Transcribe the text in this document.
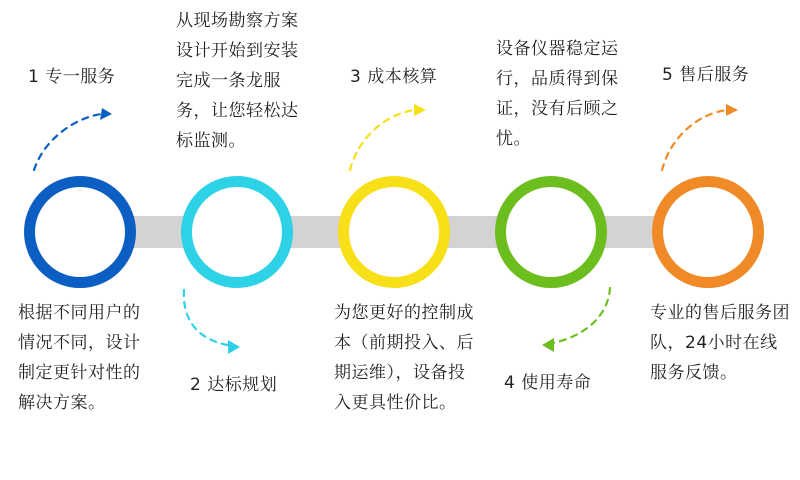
1 专一服务
根据不同用户的情况不同，设计制定更针对性的解决方案。
2 达标规划
从现场勘察方案设计开始到安装完成一条龙服务，让您轻松达标监测。
3 成本核算
为您更好的控制成本（前期投入、后期运维），设备投入更具性价比。
4 使用寿命
设备仪器稳定运行，品质得到保证，没有后顾之忧。
5 售后服务
专业的售后服务团队，24小时在线服务反馈。
